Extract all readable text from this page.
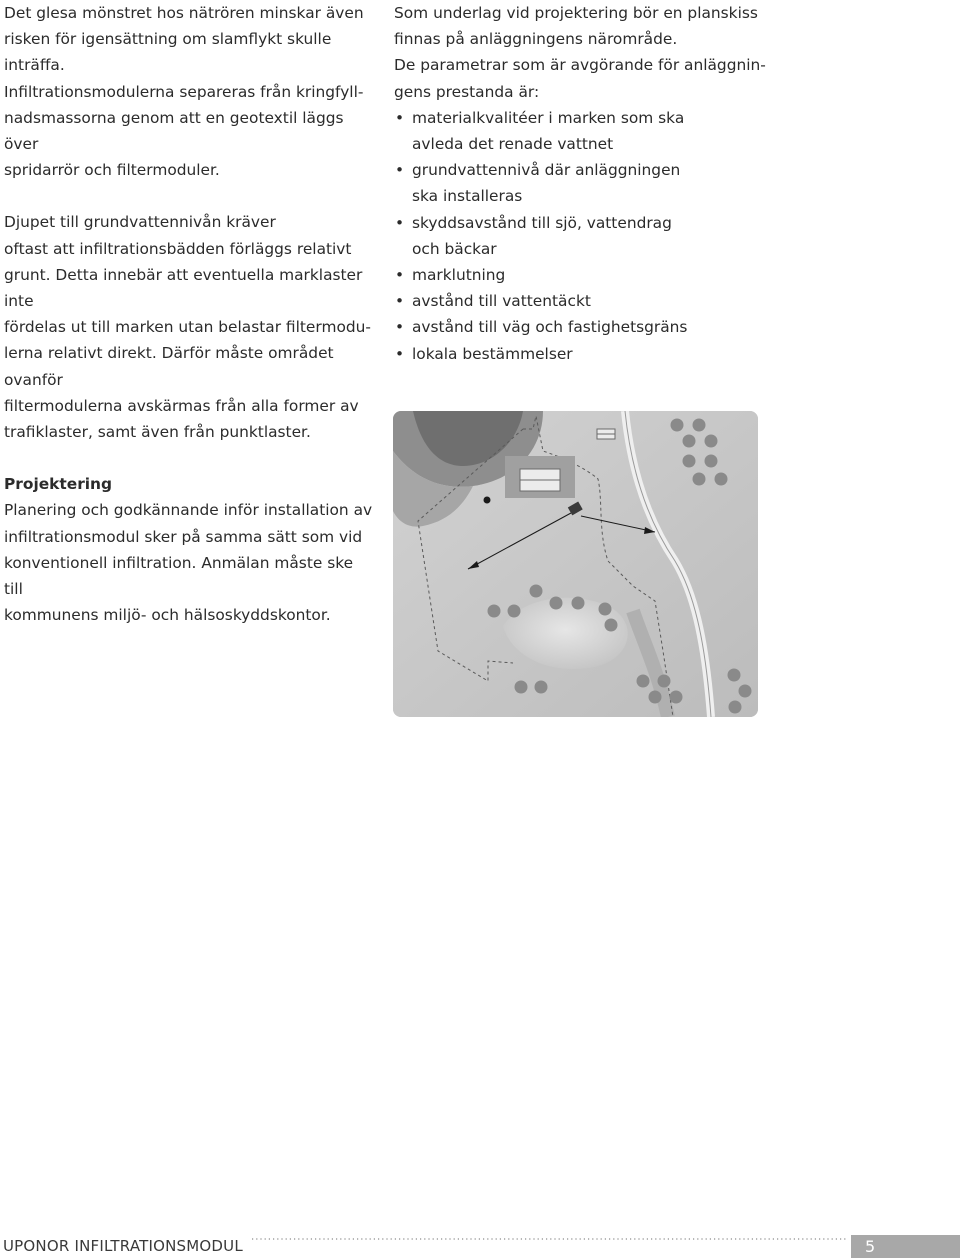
Det glesa mönstret hos nätrören minskar även
risken för igensättning om slamflykt skulle inträffa.
Infiltrationsmodulerna separeras från kringfyll-
nadsmassorna genom att en geotextil läggs över
spridarrör och filtermoduler.

Djupet till grundvattennivån kräver
oftast att infiltrationsbädden förläggs relativt
grunt. Detta innebär att eventuella marklaster inte
fördelas ut till marken utan belastar filtermodu-
lerna relativt direkt. Därför måste området ovanför
filtermodulerna avskärmas från alla former av
trafiklaster, samt även från punktlaster.

Projektering

Planering och godkännande inför installation av
infiltrationsmodul sker på samma sätt som vid
konventionell infiltration. Anmälan måste ske till
kommunens miljö- och hälsoskyddskontor.

Som underlag vid projektering bör en planskiss
finnas på anläggningens närområde.

De parametrar som är avgörande för anläggnin-
gens prestanda är:

• materialkvalitéer i marken som ska
avleda det renade vattnet
• grundvattennivå där anläggningen
ska installeras
• skyddsavstånd till sjö, vattendrag
och bäckar
• marklutning
• avstånd till vattentäckt
• avstånd till väg och fastighetsgräns
• lokala bestämmelser
UPONOR INFILTRATIONSMODUL	5
